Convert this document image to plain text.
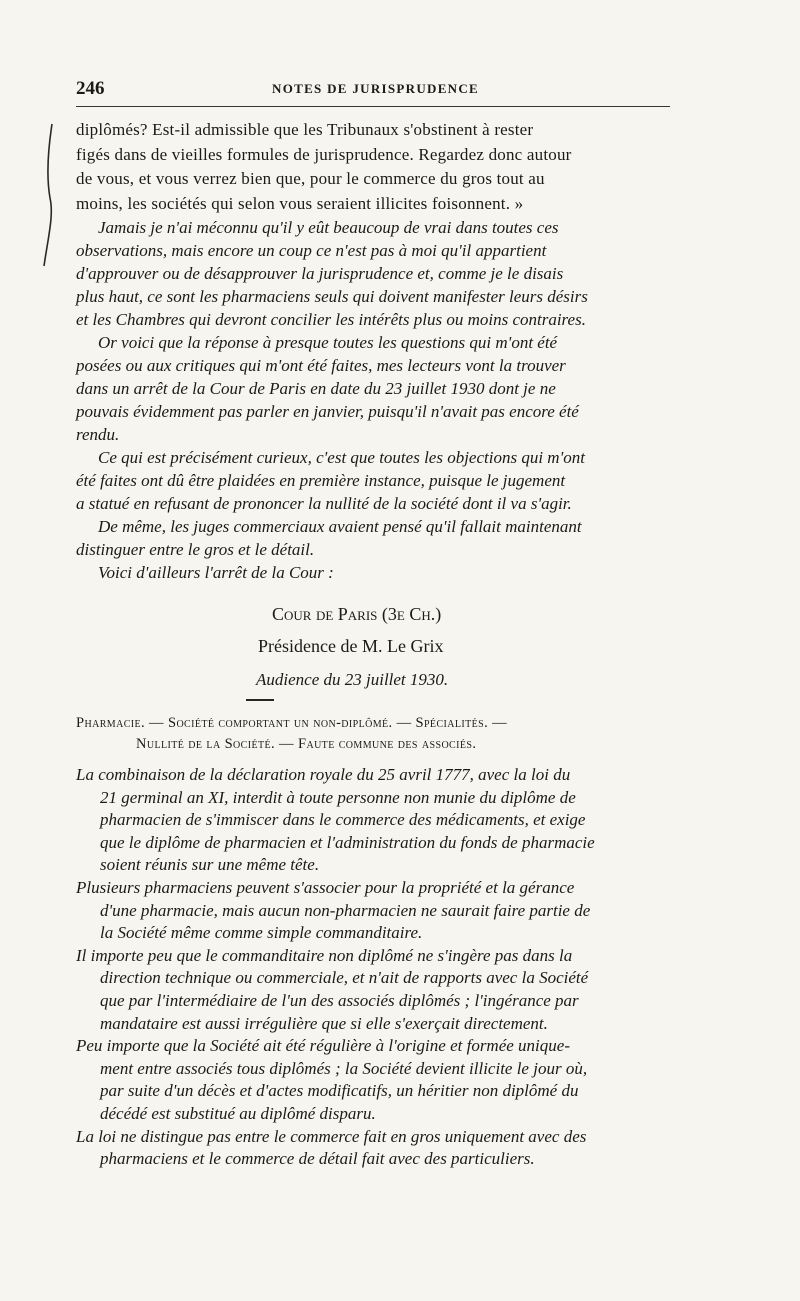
246	NOTES DE JURISPRUDENCE
diplômés? Est-il admissible que les Tribunaux s'obstinent à rester
figés dans de vieilles formules de jurisprudence. Regardez donc autour
de vous, et vous verrez bien que, pour le commerce du gros tout au
moins, les sociétés qui selon vous seraient illicites foisonnent. »
Jamais je n'ai méconnu qu'il y eût beaucoup de vrai dans toutes ces
observations, mais encore un coup ce n'est pas à moi qu'il appartient
d'approuver ou de désapprouver la jurisprudence et, comme je le disais
plus haut, ce sont les pharmaciens seuls qui doivent manifester leurs désirs
et les Chambres qui devront concilier les intérêts plus ou moins contraires.
Or voici que la réponse à presque toutes les questions qui m'ont été
posées ou aux critiques qui m'ont été faites, mes lecteurs vont la trouver
dans un arrêt de la Cour de Paris en date du 23 juillet 1930 dont je ne
pouvais évidemment pas parler en janvier, puisqu'il n'avait pas encore été
rendu.
Ce qui est précisément curieux, c'est que toutes les objections qui m'ont
été faites ont dû être plaidées en première instance, puisque le jugement
a statué en refusant de prononcer la nullité de la société dont il va s'agir.
De même, les juges commerciaux avaient pensé qu'il fallait maintenant
distinguer entre le gros et le détail.
Voici d'ailleurs l'arrêt de la Cour :
Cour de Paris (3e Ch.)
Présidence de M. Le Grix
Audience du 23 juillet 1930.
Pharmacie. — Société comportant un non-diplômé. — Spécialités. —
Nullité de la Société. — Faute commune des associés.
La combinaison de la déclaration royale du 25 avril 1777, avec la loi du
21 germinal an XI, interdit à toute personne non munie du diplôme de
pharmacien de s'immiscer dans le commerce des médicaments, et exige
que le diplôme de pharmacien et l'administration du fonds de pharmacie
soient réunis sur une même tête.
Plusieurs pharmaciens peuvent s'associer pour la propriété et la gérance
d'une pharmacie, mais aucun non-pharmacien ne saurait faire partie de
la Société même comme simple commanditaire.
Il importe peu que le commanditaire non diplômé ne s'ingère pas dans la
direction technique ou commerciale, et n'ait de rapports avec la Société
que par l'intermédiaire de l'un des associés diplômés ; l'ingérance par
mandataire est aussi irrégulière que si elle s'exerçait directement.
Peu importe que la Société ait été régulière à l'origine et formée unique-
ment entre associés tous diplômés ; la Société devient illicite le jour où,
par suite d'un décès et d'actes modificatifs, un héritier non diplômé du
décédé est substitué au diplômé disparu.
La loi ne distingue pas entre le commerce fait en gros uniquement avec des
pharmaciens et le commerce de détail fait avec des particuliers.
